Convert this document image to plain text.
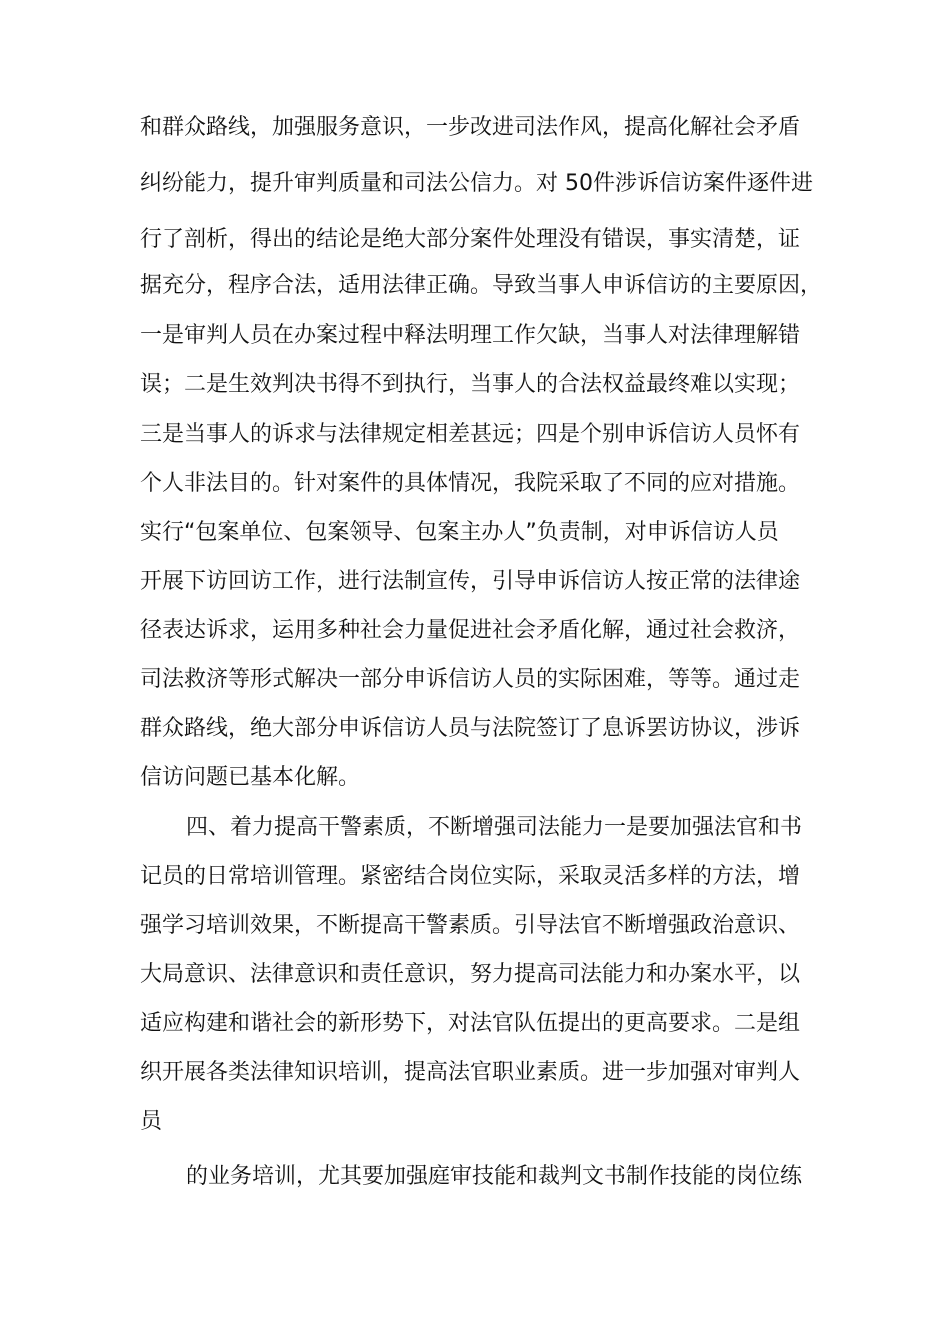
和群众路线，加强服务意识，一步改进司法作风，提高化解社会矛盾
纠纷能力，提升审判质量和司法公信力。对 50件涉诉信访案件逐件进
行了剖析，得出的结论是绝大部分案件处理没有错误，事实清楚，证
据充分，程序合法，适用法律正确。导致当事人申诉信访的主要原因，
一是审判人员在办案过程中释法明理工作欠缺，当事人对法律理解错
误；二是生效判决书得不到执行，当事人的合法权益最终难以实现；
三是当事人的诉求与法律规定相差甚远；四是个别申诉信访人员怀有
个人非法目的。针对案件的具体情况，我院采取了不同的应对措施。
实行“包案单位、包案领导、包案主办人”负责制，对申诉信访人员
开展下访回访工作，进行法制宣传，引导申诉信访人按正常的法律途
径表达诉求，运用多种社会力量促进社会矛盾化解，通过社会救济，
司法救济等形式解决一部分申诉信访人员的实际困难，等等。通过走
群众路线，绝大部分申诉信访人员与法院签订了息诉罢访协议，涉诉
信访问题已基本化解。
四、着力提高干警素质，不断增强司法能力一是要加强法官和书
记员的日常培训管理。紧密结合岗位实际，采取灵活多样的方法，增
强学习培训效果，不断提高干警素质。引导法官不断增强政治意识、
大局意识、法律意识和责任意识，努力提高司法能力和办案水平，以
适应构建和谐社会的新形势下，对法官队伍提出的更高要求。二是组
织开展各类法律知识培训，提高法官职业素质。进一步加强对审判人
员
的业务培训，尤其要加强庭审技能和裁判文书制作技能的岗位练
